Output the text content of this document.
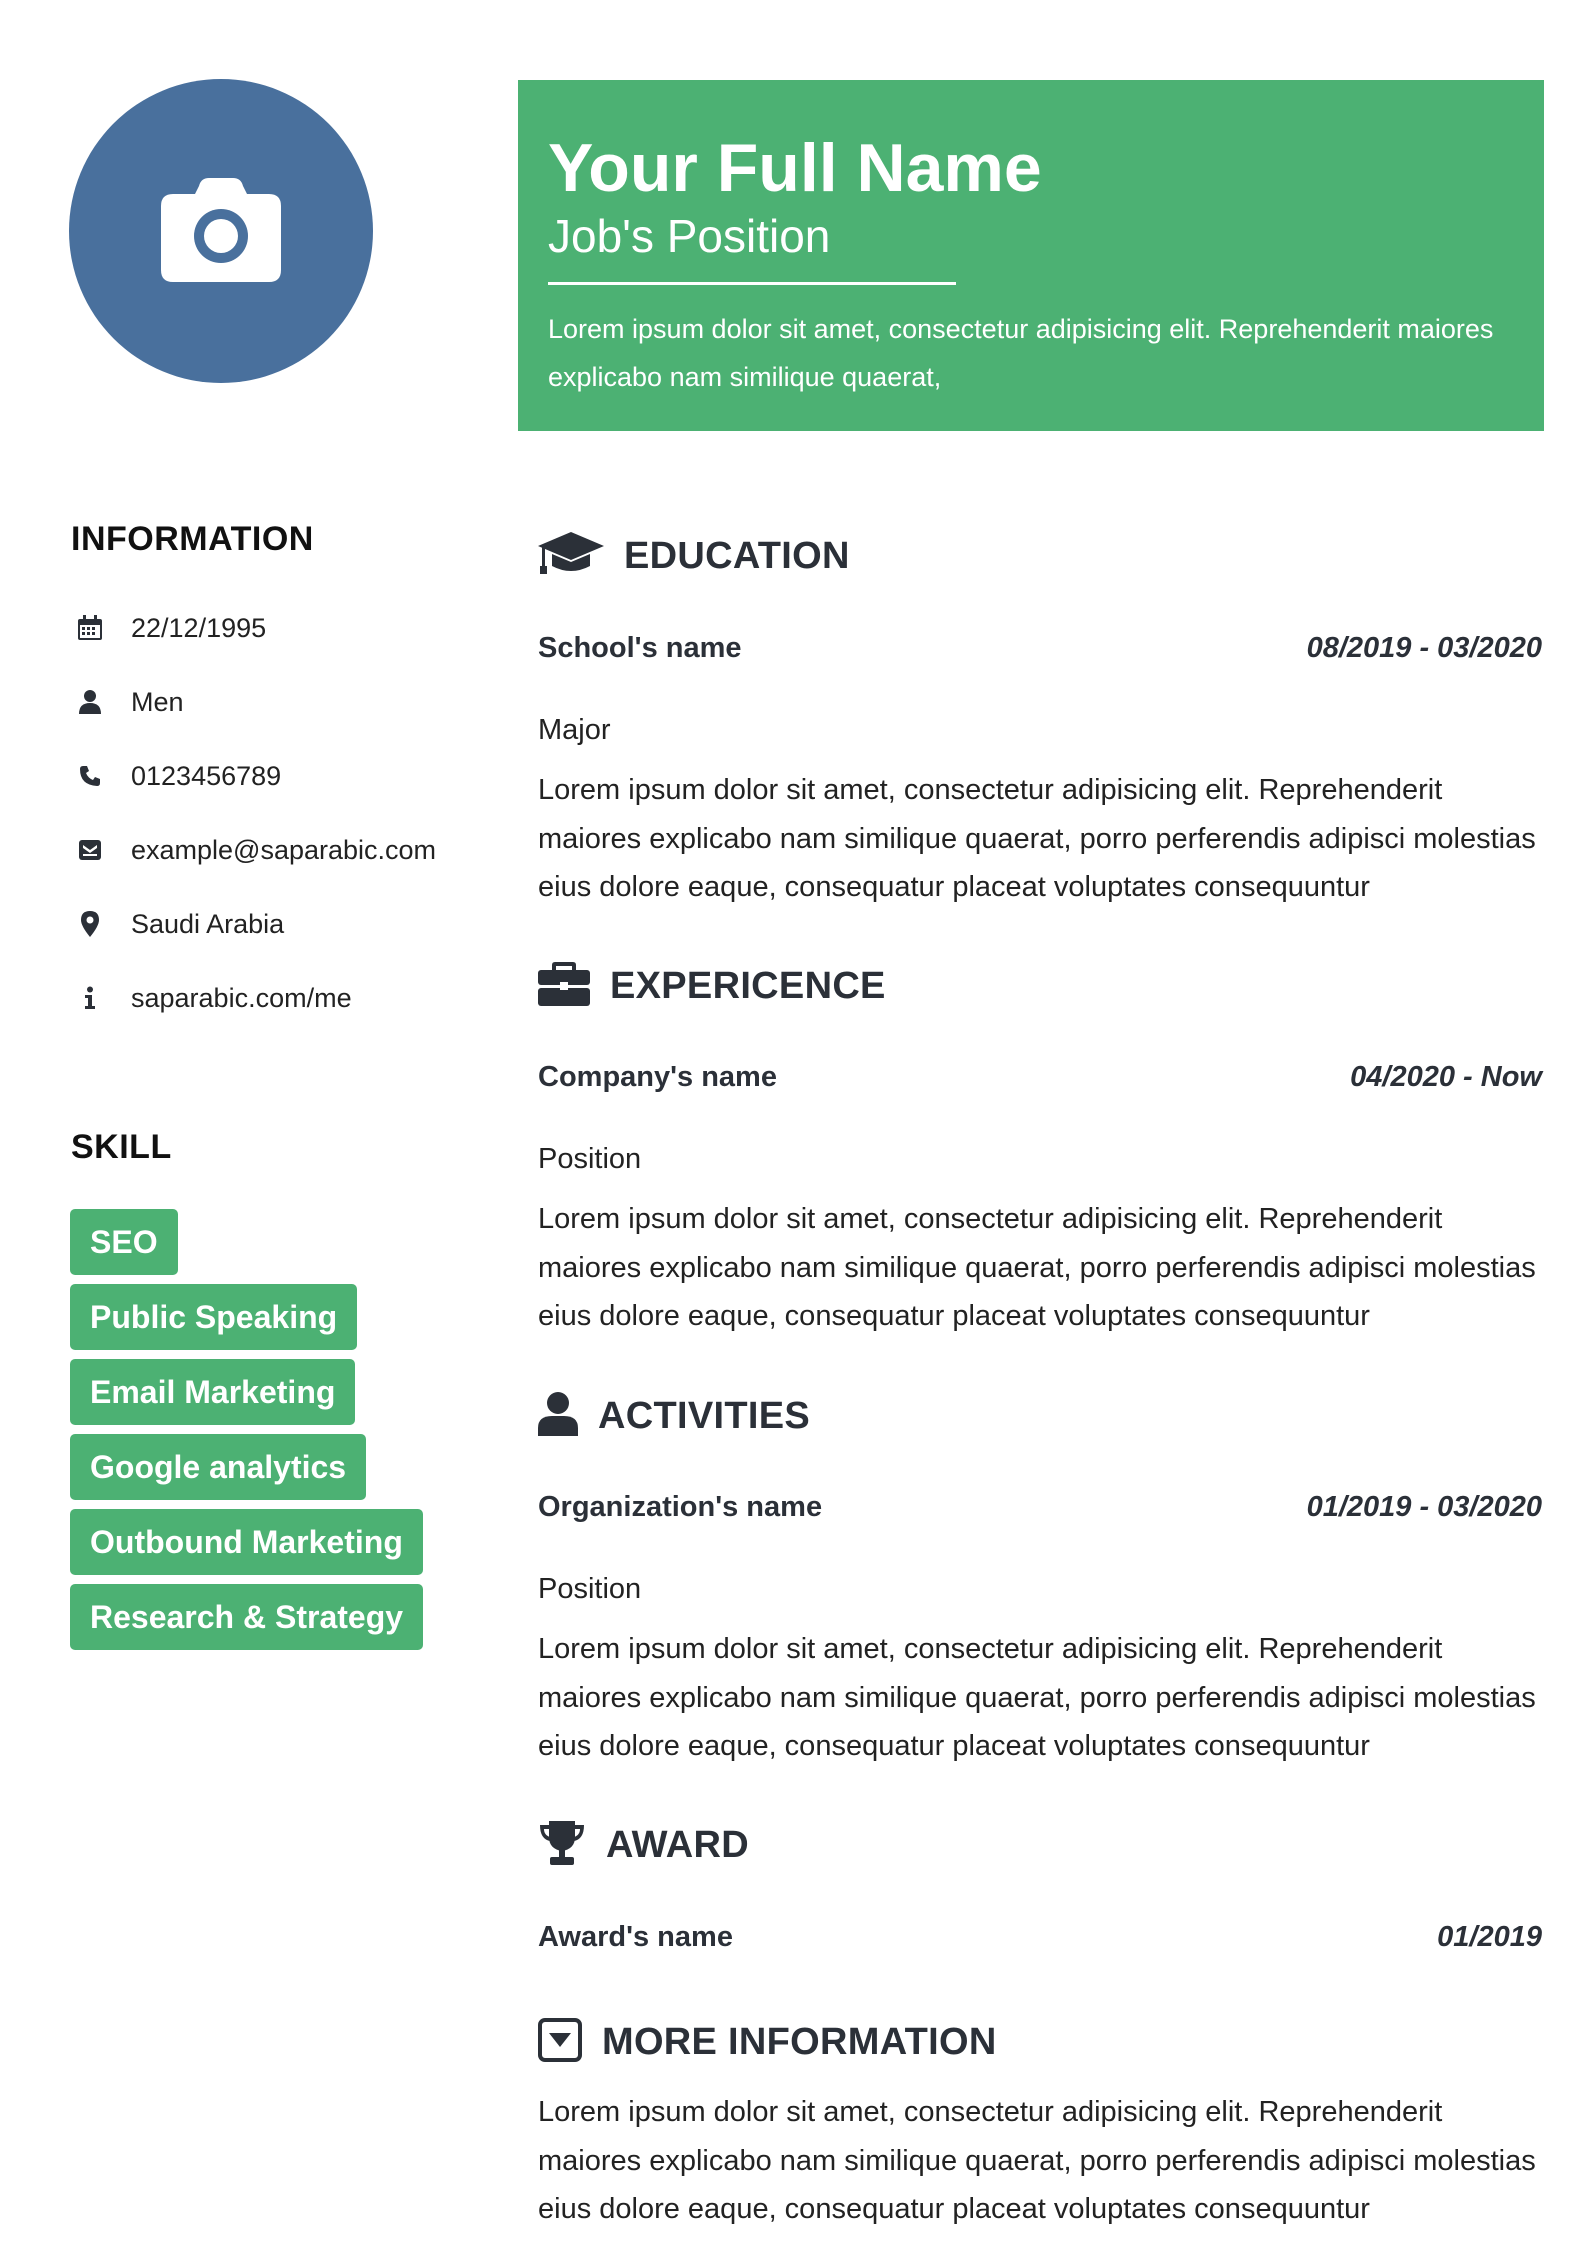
Your Full Name
Job's Position
Lorem ipsum dolor sit amet, consectetur adipisicing elit. Reprehenderit maiores explicabo nam similique quaerat,
INFORMATION
22/12/1995
Men
0123456789
example@saparabic.com
Saudi Arabia
saparabic.com/me
SKILL
SEO
Public Speaking
Email Marketing
Google analytics
Outbound Marketing
Research & Strategy
EDUCATION
School's name	08/2019 - 03/2020
Major
Lorem ipsum dolor sit amet, consectetur adipisicing elit. Reprehenderit maiores explicabo nam similique quaerat, porro perferendis adipisci molestias eius dolore eaque, consequatur placeat voluptates consequuntur
EXPERICENCE
Company's name	04/2020 - Now
Position
Lorem ipsum dolor sit amet, consectetur adipisicing elit. Reprehenderit maiores explicabo nam similique quaerat, porro perferendis adipisci molestias eius dolore eaque, consequatur placeat voluptates consequuntur
ACTIVITIES
Organization's name	01/2019 - 03/2020
Position
Lorem ipsum dolor sit amet, consectetur adipisicing elit. Reprehenderit maiores explicabo nam similique quaerat, porro perferendis adipisci molestias eius dolore eaque, consequatur placeat voluptates consequuntur
AWARD
Award's name	01/2019
MORE INFORMATION
Lorem ipsum dolor sit amet, consectetur adipisicing elit. Reprehenderit maiores explicabo nam similique quaerat, porro perferendis adipisci molestias eius dolore eaque, consequatur placeat voluptates consequuntur
